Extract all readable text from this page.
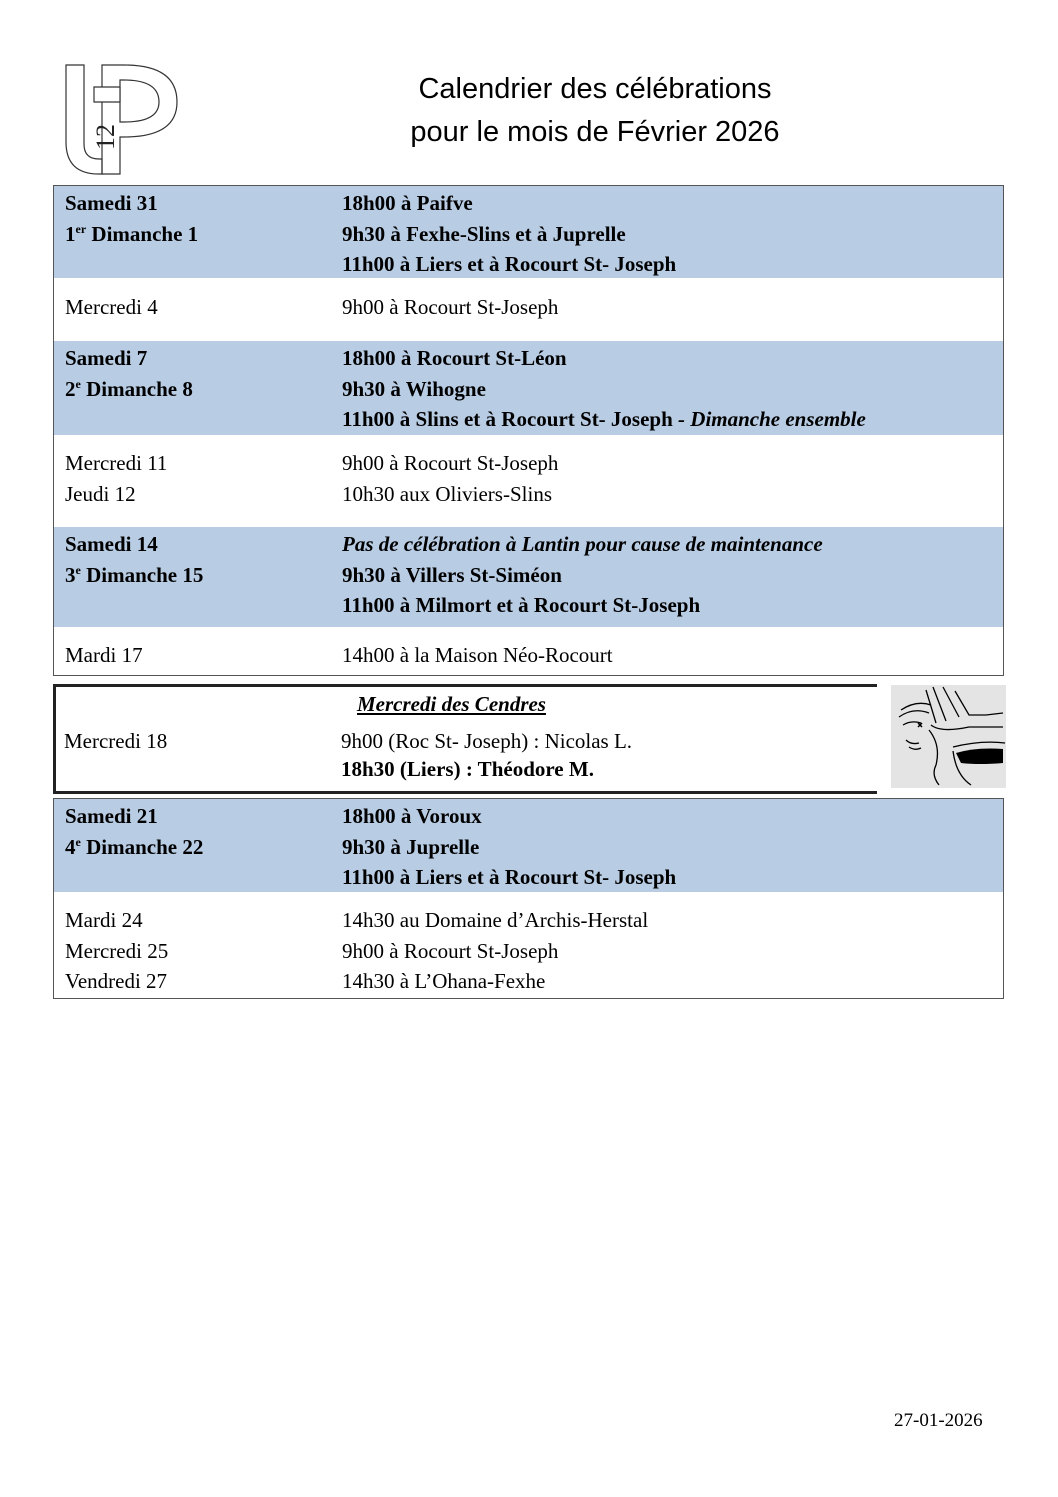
12
Calendrier des célébrations
pour le mois de Février 2026
Samedi 31	18h00 à Paifve
1er Dimanche 1	9h30 à Fexhe-Slins et à Juprelle
11h00 à Liers et à Rocourt St- Joseph
Mercredi 4	9h00 à Rocourt St-Joseph
Samedi 7	18h00 à Rocourt St-Léon
2e Dimanche 8	9h30 à Wihogne
11h00 à Slins et à Rocourt St- Joseph - Dimanche ensemble
Mercredi 11	9h00 à Rocourt St-Joseph
Jeudi 12	10h30 aux Oliviers-Slins
Samedi 14	Pas de célébration à Lantin pour cause de maintenance
3e Dimanche 15	9h30 à Villers St-Siméon
11h00 à Milmort et à Rocourt St-Joseph
Mardi 17	14h00 à la Maison Néo-Rocourt
Mercredi des Cendres
Mercredi 18	9h00 (Roc St- Joseph) : Nicolas L.
18h30 (Liers) : Théodore M.
Samedi 21	18h00 à Voroux
4e Dimanche 22	9h30 à Juprelle
11h00 à Liers et à Rocourt St- Joseph
Mardi 24	14h30 au Domaine d’Archis-Herstal
Mercredi 25	9h00 à Rocourt St-Joseph
Vendredi 27	14h30 à L’Ohana-Fexhe
27-01-2026
